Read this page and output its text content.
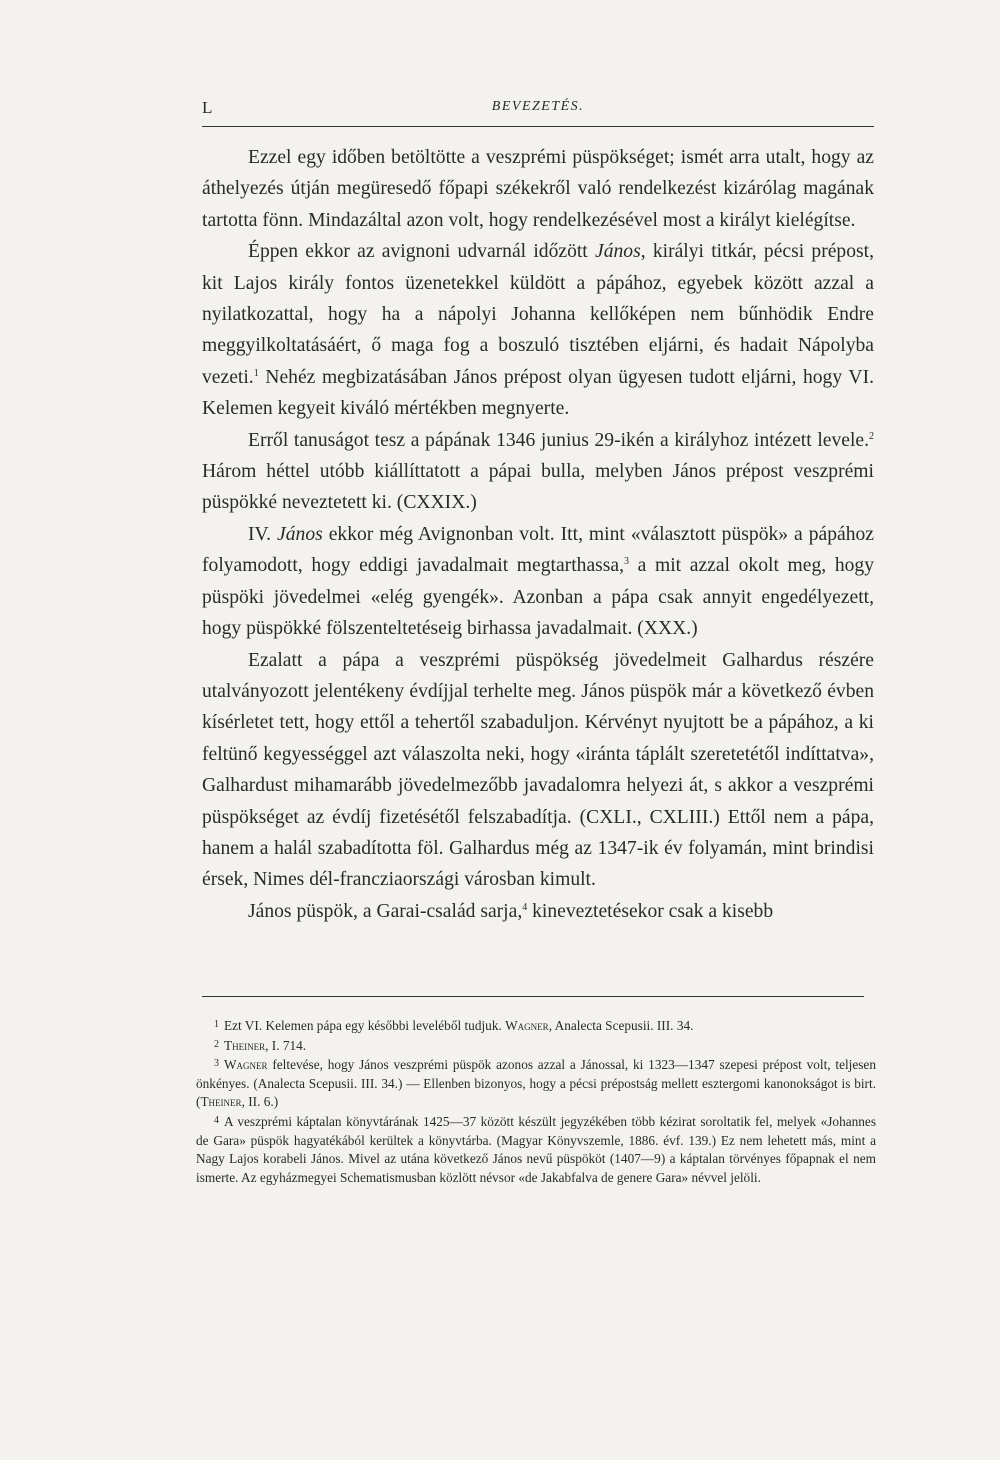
L	BEVEZETÉS.

Ezzel egy időben betöltötte a veszprémi püspökséget; ismét arra utalt, hogy az áthelyezés útján megüresedő főpapi székekről való rendelkezést kizárólag magának tartotta fönn. Mindazáltal azon volt, hogy rendelkezésével most a királyt kielégítse.

Éppen ekkor az avignoni udvarnál időzött János, királyi titkár, pécsi prépost, kit Lajos király fontos üzenetekkel küldött a pápához, egyebek között azzal a nyilatkozattal, hogy ha a nápolyi Johanna kellőképen nem bűnhödik Endre meggyilkoltatásáért, ő maga fog a boszuló tisztében eljárni, és hadait Nápolyba vezeti.$^1$ Nehéz megbizatásában János prépost olyan ügyesen tudott eljárni, hogy VI. Kelemen kegyeit kiváló mértékben megnyerte.

Erről tanuságot tesz a pápának 1346 junius 29-ikén a királyhoz intézett levele.$^2$ Három héttel utóbb kiállíttatott a pápai bulla, melyben János prépost veszprémi püspökké neveztetett ki. (CXXIX.)

IV. János ekkor még Avignonban volt. Itt, mint «választott püspök» a pápához folyamodott, hogy eddigi javadalmait megtarthassa,$^3$ a mit azzal okolt meg, hogy püspöki jövedelmei «elég gyengék». Azonban a pápa csak annyit engedélyezett, hogy püspökké fölszenteltetéseig birhassa javadalmait. (XXX.)

Ezalatt a pápa a veszprémi püspökség jövedelmeit Galhardus részére utalványozott jelentékeny évdíjjal terhelte meg. János püspök már a következő évben kísérletet tett, hogy ettől a tehertől szabaduljon. Kérvényt nyujtott be a pápához, a ki feltünő kegyességgel azt válaszolta neki, hogy «iránta táplált szeretetétől indíttatva», Galhardust mihamarább jövedelmezőbb javadalomra helyezi át, s akkor a veszprémi püspökséget az évdíj fizetésétől felszabadítja. (CXLI., CXLIII.) Ettől nem a pápa, hanem a halál szabadította föl. Galhardus még az 1347-ik év folyamán, mint brindisi érsek, Nimes dél-francziaországi városban kimult.

János püspök, a Garai-család sarja,$^4$ kineveztetésekor csak a kisebb

$^1$ Ezt VI. Kelemen pápa egy későbbi leveléből tudjuk. Wagner, Analecta Scepusii. III. 34.

$^2$ Theiner, I. 714.

$^3$ Wagner feltevése, hogy János veszprémi püspök azonos azzal a Jánossal, ki 1323—1347 szepesi prépost volt, teljesen önkényes. (Analecta Scepusii. III. 34.) — Ellenben bizonyos, hogy a pécsi prépostság mellett esztergomi kanonokságot is birt. (Theiner, II. 6.)

$^4$ A veszprémi káptalan könyvtárának 1425—37 között készült jegyzékében több kézirat soroltatik fel, melyek «Johannes de Gara» püspök hagyatékából kerültek a könyvtárba. (Magyar Könyvszemle, 1886. évf. 139.) Ez nem lehetett más, mint a Nagy Lajos korabeli János. Mivel az utána következő János nevű püspököt (1407—9) a káptalan törvényes főpapnak el nem ismerte. Az egyházmegyei Schematismusban közlött névsor «de Jakabfalva de genere Gara» névvel jelöli.
